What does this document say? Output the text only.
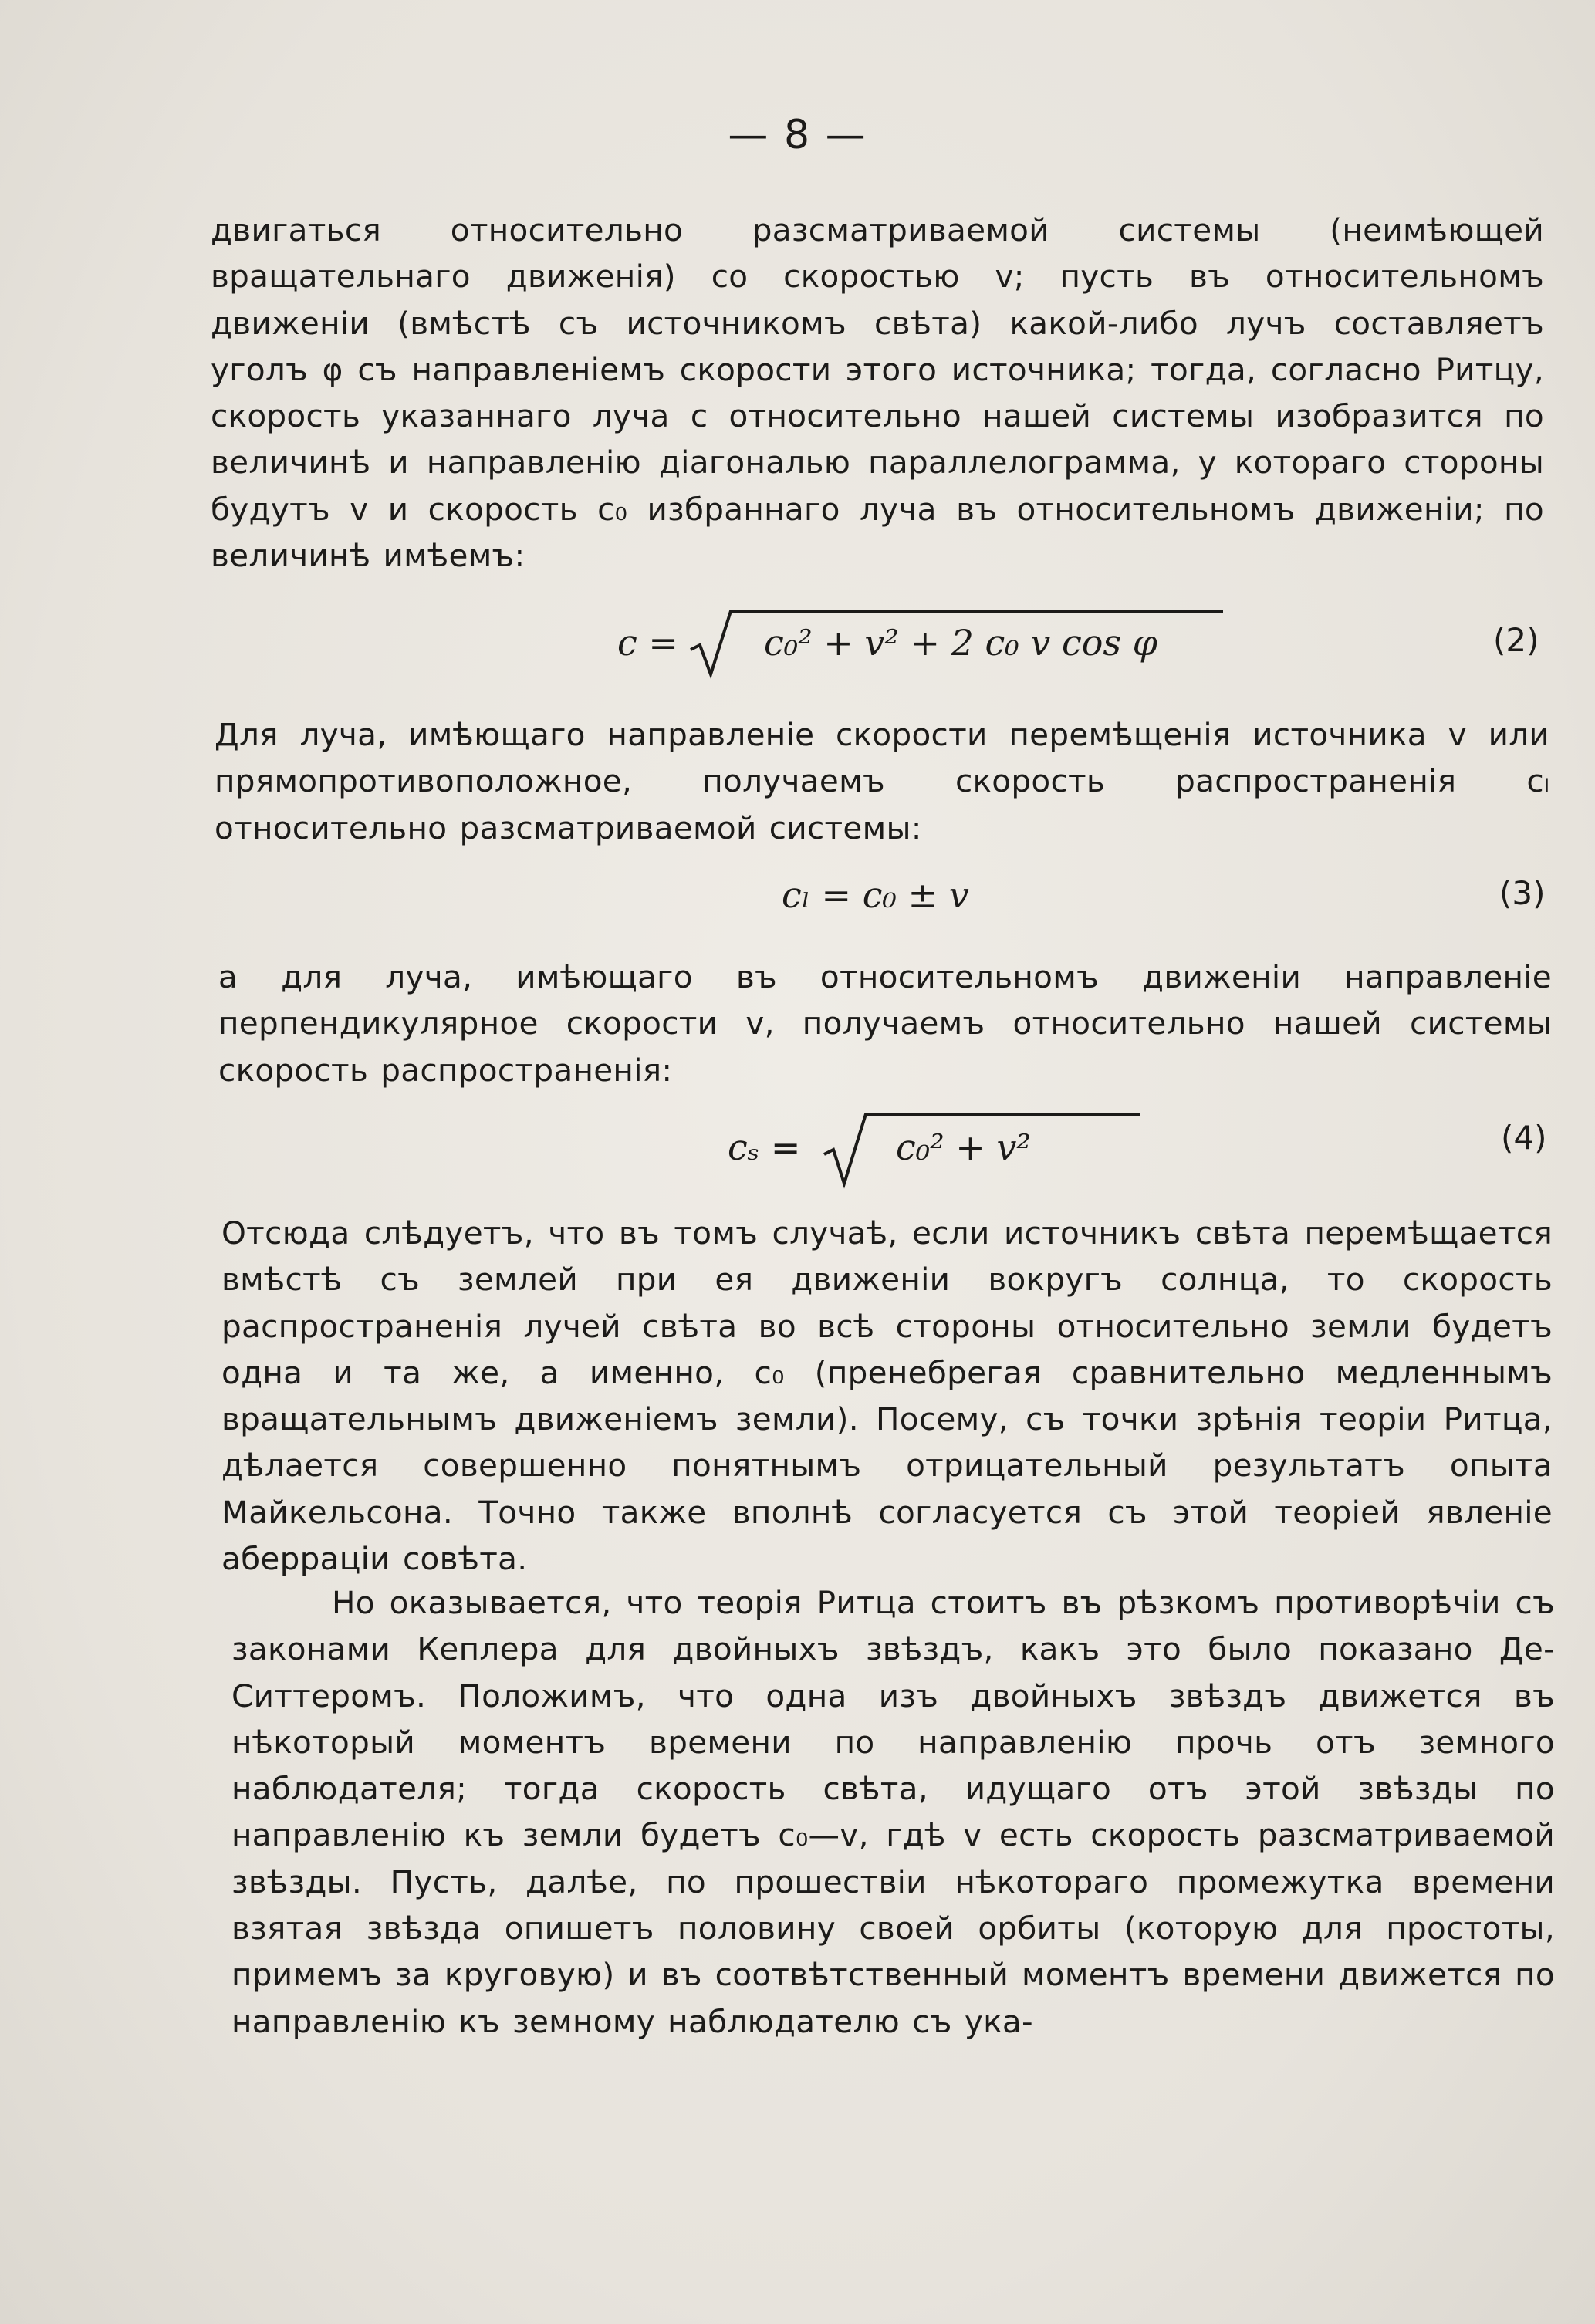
— 8 —

двигаться относительно разсматриваемой системы (неимѣющей вращательнаго движенія) со скоростью v; пусть въ относительномъ движеніи (вмѣстѣ съ источникомъ свѣта) какой-либо лучъ составляетъ уголъ φ съ направленіемъ скорости этого источника; тогда, согласно Ритцу, скорость указаннаго луча c относительно нашей системы изобразится по величинѣ и направленію діагональю параллелограмма, у котораго стороны будутъ v и скорость c₀ избраннаго луча въ относительномъ движеніи; по величинѣ имѣемъ:

c = c₀² + v² + 2 c₀ v cos φ	(2)

Для луча, имѣющаго направленіе скорости перемѣщенія источника v или прямопротивоположное, получаемъ скорость распространенія cₗ относительно разсматриваемой системы:

cₗ = c₀ ± v	(3)

а для луча, имѣющаго въ относительномъ движеніи направленіе перпендикулярное скорости v, получаемъ относительно нашей системы скорость распространенія:

cₛ =	c₀² + v²	(4)

Отсюда слѣдуетъ, что въ томъ случаѣ, если источникъ свѣта перемѣщается вмѣстѣ съ землей при ея движеніи вокругъ солнца, то скорость распространенія лучей свѣта во всѣ стороны относительно земли будетъ одна и та же, а именно, c₀ (пренебрегая сравнительно медленнымъ вращательнымъ движеніемъ земли). Посему, съ точки зрѣнія теоріи Ритца, дѣлается совершенно понятнымъ отрицательный результатъ опыта Майкельсона. Точно также вполнѣ согласуется съ этой теоріей явленіе аберраціи совѣта.

Но оказывается, что теорія Ритца стоитъ въ рѣзкомъ противорѣчіи съ законами Кеплера для двойныхъ звѣздъ, какъ это было показано Де-Ситтеромъ. Положимъ, что одна изъ двойныхъ звѣздъ движется въ нѣкоторый моментъ времени по направленію прочь отъ земного наблюдателя; тогда скорость свѣта, идущаго отъ этой звѣзды по направленію къ земли будетъ c₀—v, гдѣ v есть скорость разсматриваемой звѣзды. Пусть, далѣе, по прошествіи нѣкотораго промежутка времени взятая звѣзда опишетъ половину своей орбиты (которую для простоты, примемъ за круговую) и въ соотвѣтственный моментъ времени движется по направленію къ земному наблюдателю съ ука-
